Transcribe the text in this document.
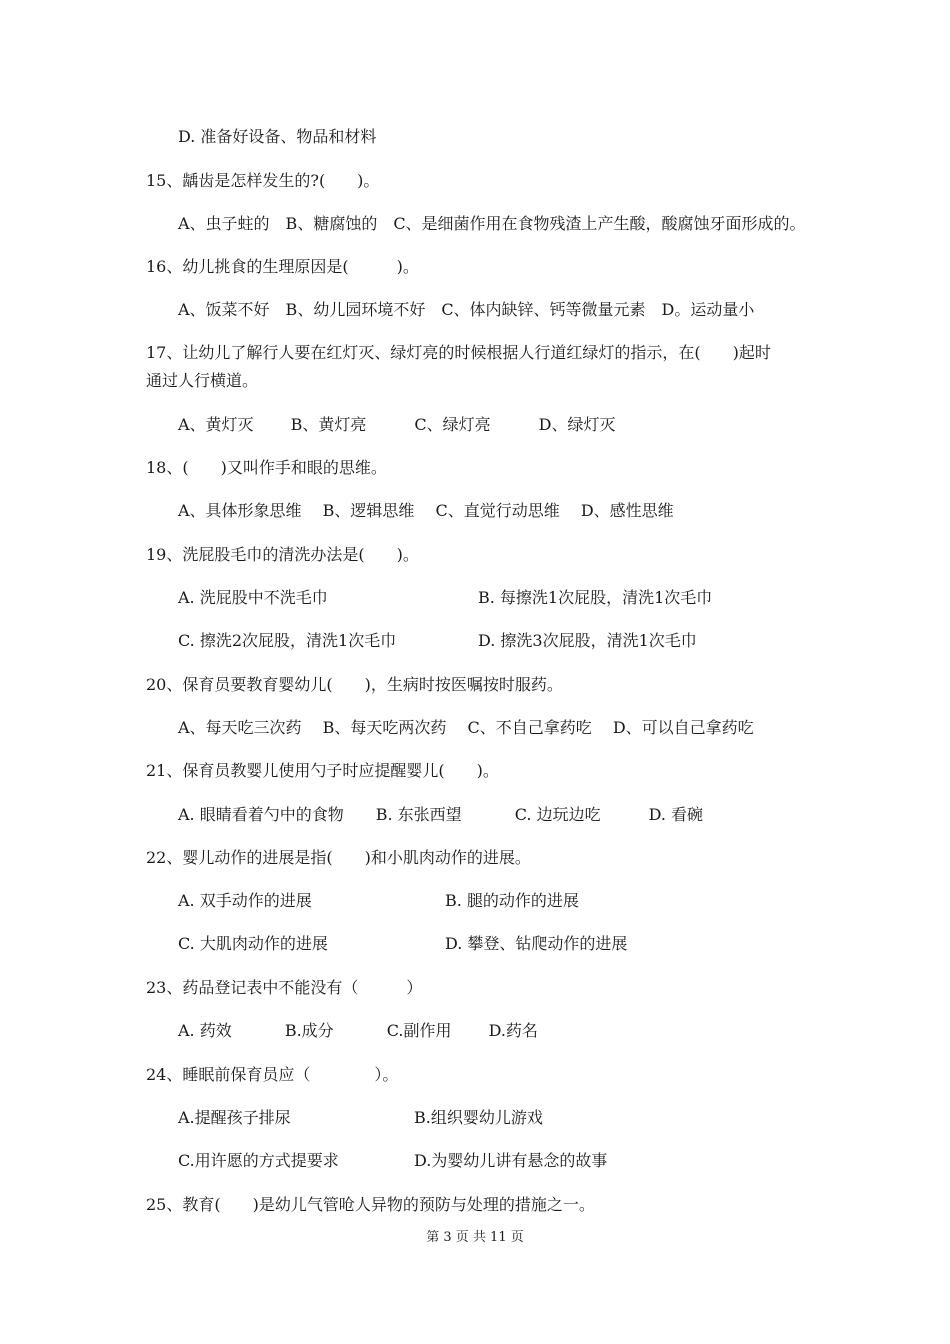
D. 准备好设备、物品和材料
15、龋齿是怎样发生的?(　　)。
A、虫子蛀的　B、糖腐蚀的　C、是细菌作用在食物残渣上产生酸，酸腐蚀牙面形成的。
16、幼儿挑食的生理原因是(　　　)。
A、饭菜不好　B、幼儿园环境不好　C、体内缺锌、钙等微量元素　D。运动量小
17、让幼儿了解行人要在红灯灭、绿灯亮的时候根据人行道红绿灯的指示，在(　　)起时
通过人行横道。
A、黄灯灭　　 B、黄灯亮　　　C、绿灯亮　　　D、绿灯灭
18、(　　)又叫作手和眼的思维。
A、具体形象思维　 B、逻辑思维　 C、直觉行动思维　 D、感性思维
19、洗屁股毛巾的清洗办法是(　　)。
A. 洗屁股中不洗毛巾	B. 每擦洗1次屁股，清洗1次毛巾
C. 擦洗2次屁股，清洗1次毛巾	D. 擦洗3次屁股，清洗1次毛巾
20、保育员要教育婴幼儿(　　)，生病时按医嘱按时服药。
A、每天吃三次药　 B、每天吃两次药　 C、不自己拿药吃　 D、可以自己拿药吃
21、保育员教婴儿使用勺子时应提醒婴儿(　　)。
A. 眼睛看着勺中的食物　　B. 东张西望　　　 C. 边玩边吃　　　D. 看碗
22、婴儿动作的进展是指(　　)和小肌肉动作的进展。
A. 双手动作的进展	B. 腿的动作的进展
C. 大肌肉动作的进展	D. 攀登、钻爬动作的进展
23、药品登记表中不能没有（　　　）
A. 药效　　　 B.成分　　　 C.副作用　　 D.药名
24、睡眠前保育员应（　　　　）。
A.提醒孩子排尿	B.组织婴幼儿游戏
C.用许愿的方式提要求	D.为婴幼儿讲有悬念的故事
25、教育(　　)是幼儿气管呛人异物的预防与处理的措施之一。
第 3 页 共 11 页
